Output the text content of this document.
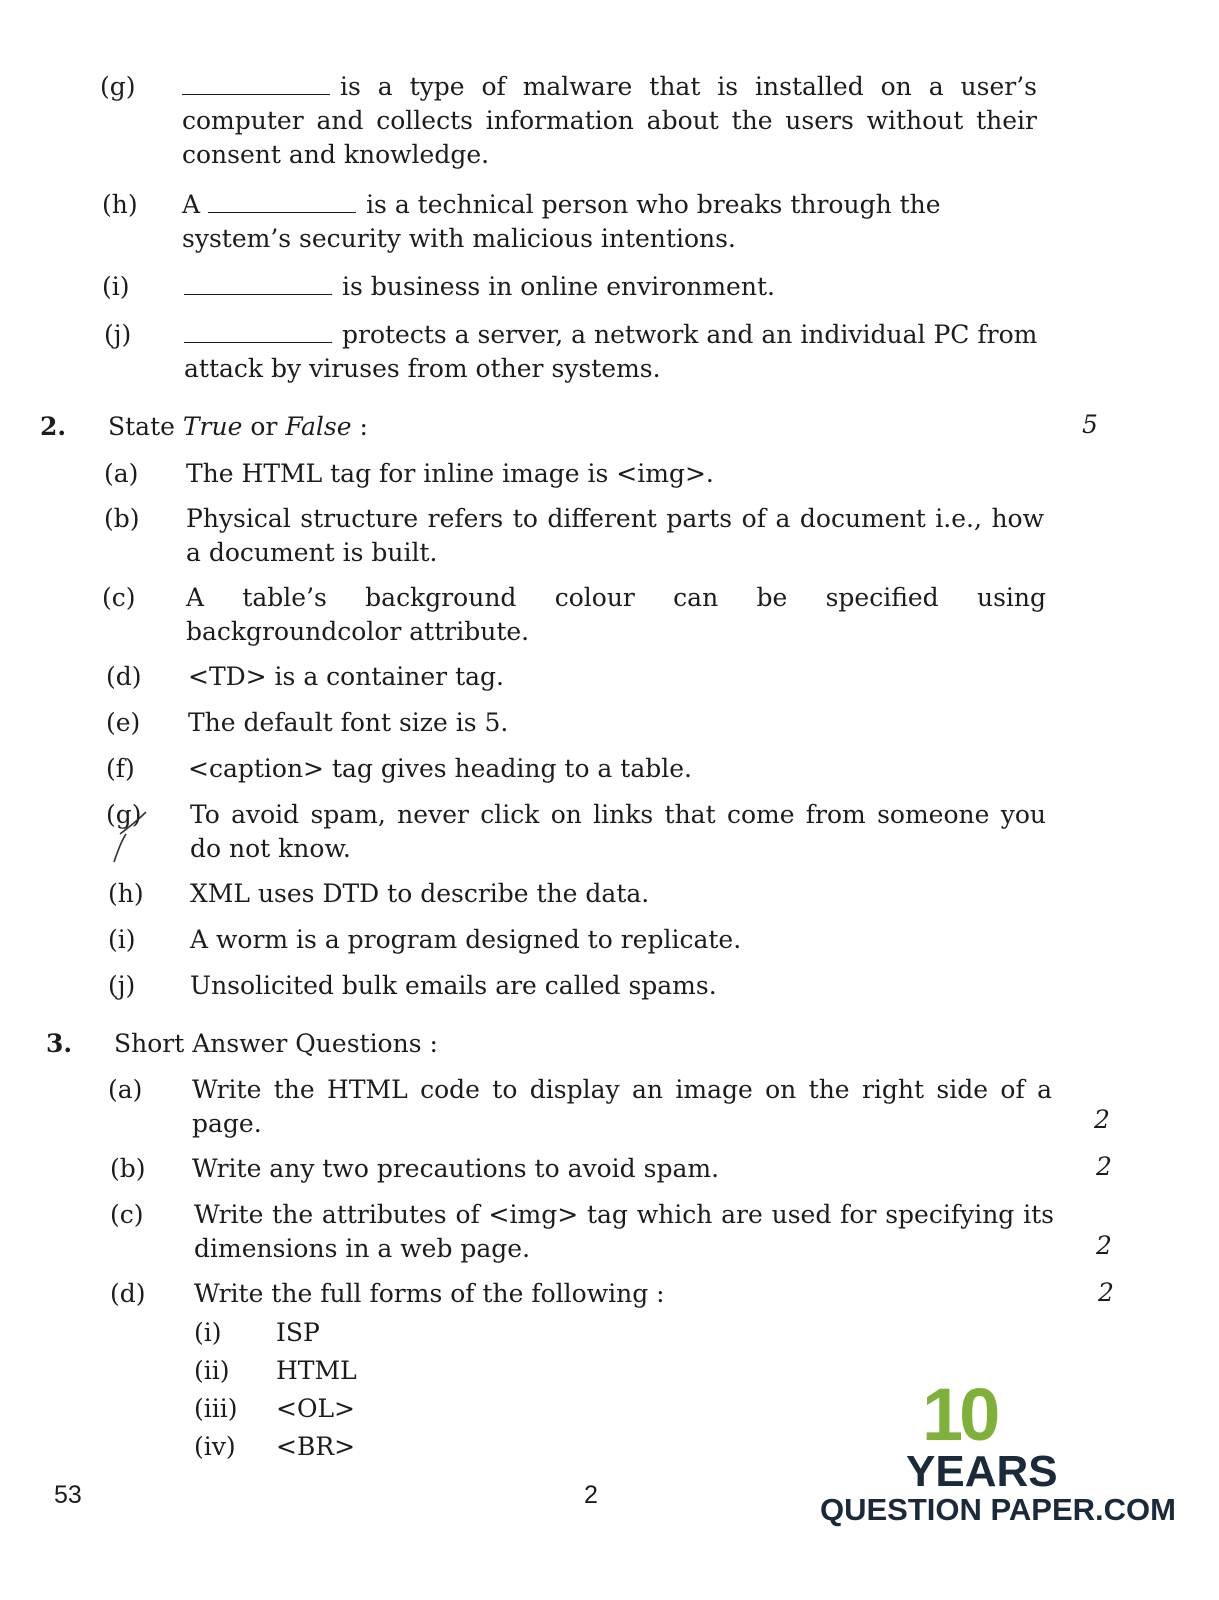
(g)	is a type of malware that is installed on a user’s computer and collects information about the users without their consent and knowledge.
(h) A	is a technical person who breaks through the system’s security with malicious intentions.
(i)	is business in online environment.
(j)	protects a server, a network and an individual PC from attack by viruses from other systems.
2. State True or False :	5
(a) The HTML tag for inline image is <img>.
(b) Physical structure refers to different parts of a document i.e., how a document is built.
(c) A table’s background colour can be specified using backgroundcolor attribute.
(d) <TD> is a container tag.
(e) The default font size is 5.
(f) <caption> tag gives heading to a table.
(g) To avoid spam, never click on links that come from someone you do not know.
(h) XML uses DTD to describe the data.
(i) A worm is a program designed to replicate.
(j) Unsolicited bulk emails are called spams.
3. Short Answer Questions :
(a) Write the HTML code to display an image on the right side of a page.	2
(b) Write any two precautions to avoid spam.	2
(c) Write the attributes of <img> tag which are used for specifying its dimensions in a web page.	2
(d) Write the full forms of the following :	2
(i) ISP
(ii) HTML
(iii) <OL>
(iv) <BR>
53	2
10
YEARS
QUESTION PAPER.COM
